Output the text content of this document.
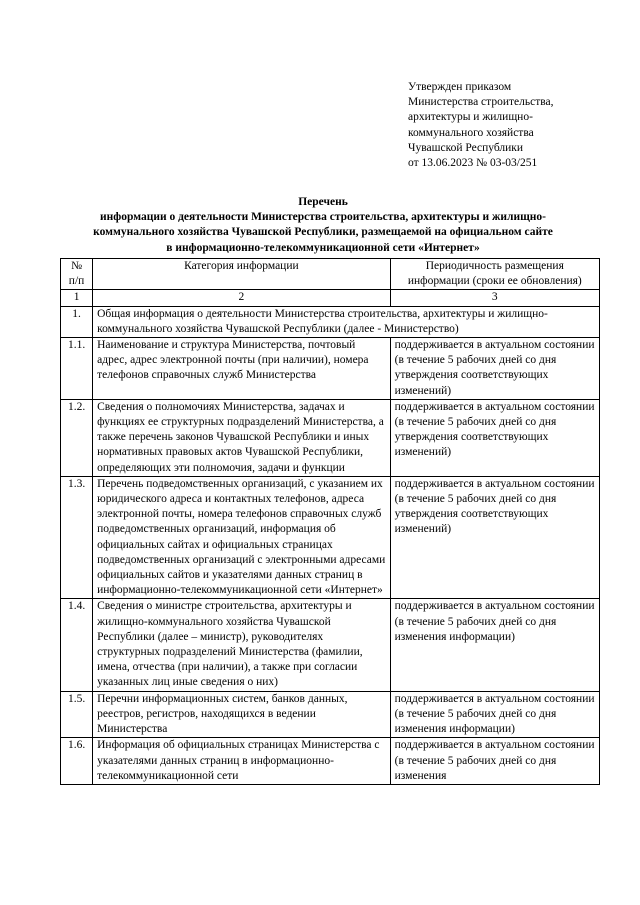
Утвержден приказом
Министерства строительства,
архитектуры и жилищно-
коммунального хозяйства
Чувашской Республики
от 13.06.2023 № 03-03/251
Перечень
информации о деятельности Министерства строительства, архитектуры и жилищно-
коммунального хозяйства Чувашской Республики, размещаемой на официальном сайте
в информационно-телекоммуникационной сети «Интернет»
№ п/п	Категория информации	Периодичность размещения информации (сроки ее обновления)
1	2	3
1.	Общая информация о деятельности Министерства строительства, архитектуры и жилищно-коммунального хозяйства Чувашской Республики (далее - Министерство)	
1.1.	Наименование и структура Министерства, почтовый адрес, адрес электронной почты (при наличии), номера телефонов справочных служб Министерства	поддерживается в актуальном состоянии (в течение 5 рабочих дней со дня утверждения соответствующих изменений)
1.2.	Сведения о полномочиях Министерства, задачах и функциях ее структурных подразделений Министерства, а также перечень законов Чувашской Республики и иных нормативных правовых актов Чувашской Республики, определяющих эти полномочия, задачи и функции	поддерживается в актуальном состоянии (в течение 5 рабочих дней со дня утверждения соответствующих изменений)
1.3.	Перечень подведомственных организаций, с указанием их юридического адреса и контактных телефонов, адреса электронной почты, номера телефонов справочных служб подведомственных организаций, информация об официальных сайтах и официальных страницах подведомственных организаций с электронными адресами официальных сайтов и указателями данных страниц в информационно-телекоммуникационной сети «Интернет»	поддерживается в актуальном состоянии (в течение 5 рабочих дней со дня утверждения соответствующих изменений)
1.4.	Сведения о министре строительства, архитектуры и жилищно-коммунального хозяйства Чувашской Республики (далее – министр), руководителях структурных подразделений Министерства (фамилии, имена, отчества (при наличии), а также при согласии указанных лиц иные сведения о них)	поддерживается в актуальном состоянии (в течение 5 рабочих дней со дня изменения информации)
1.5.	Перечни информационных систем, банков данных, реестров, регистров, находящихся в ведении Министерства	поддерживается в актуальном состоянии (в течение 5 рабочих дней со дня изменения информации)
1.6.	Информация об официальных страницах Министерства с указателями данных страниц в информационно-телекоммуникационной сети	поддерживается в актуальном состоянии (в течение 5 рабочих дней со дня изменения
